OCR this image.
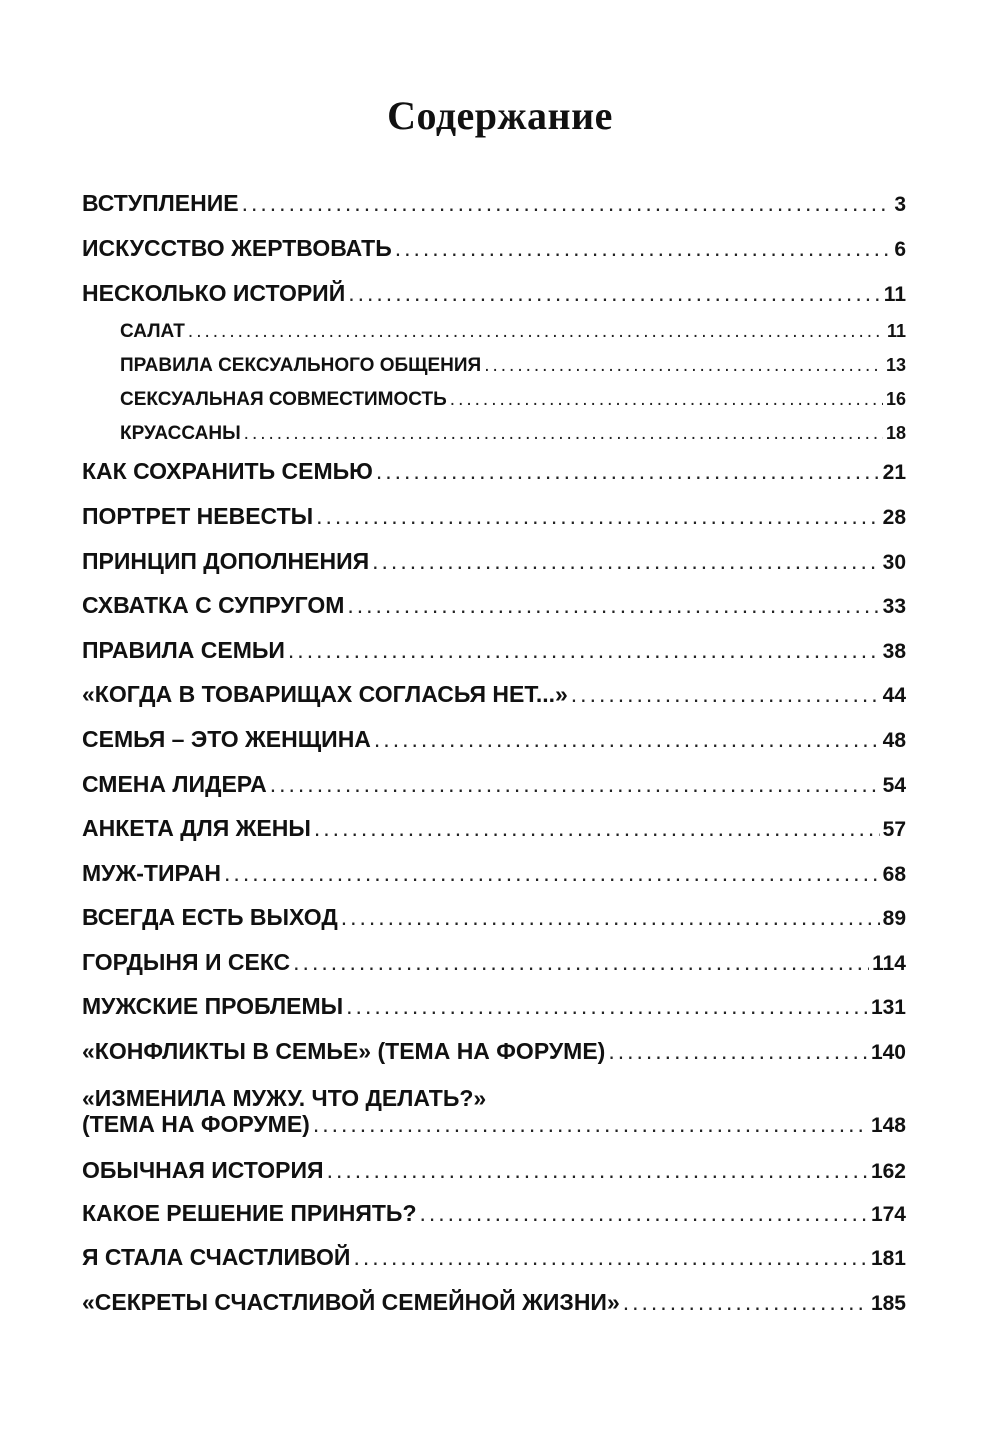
Содержание
ВСТУПЛЕНИЕ .....	3
ИСКУССТВО ЖЕРТВОВАТЬ .....	6
НЕСКОЛЬКО ИСТОРИЙ .....	11
САЛАТ .....	11
ПРАВИЛА СЕКСУАЛЬНОГО ОБЩЕНИЯ .....	13
СЕКСУАЛЬНАЯ СОВМЕСТИМОСТЬ .....	16
КРУАССАНЫ .....	18
КАК СОХРАНИТЬ СЕМЬЮ .....	21
ПОРТРЕТ НЕВЕСТЫ .....	28
ПРИНЦИП ДОПОЛНЕНИЯ .....	30
СХВАТКА С СУПРУГОМ .....	33
ПРАВИЛА СЕМЬИ .....	38
«КОГДА В ТОВАРИЩАХ СОГЛАСЬЯ НЕТ...» .....	44
СЕМЬЯ – ЭТО ЖЕНЩИНА .....	48
СМЕНА ЛИДЕРА .....	54
АНКЕТА ДЛЯ ЖЕНЫ .....	57
МУЖ-ТИРАН .....	68
ВСЕГДА ЕСТЬ ВЫХОД .....	89
ГОРДЫНЯ И СЕКС .....	114
МУЖСКИЕ ПРОБЛЕМЫ .....	131
«КОНФЛИКТЫ В СЕМЬЕ» (ТЕМА НА ФОРУМЕ) .....	140
«ИЗМЕНИЛА МУЖУ. ЧТО ДЕЛАТЬ?»
(ТЕМА НА ФОРУМЕ) .....	148
ОБЫЧНАЯ ИСТОРИЯ .....	162
КАКОЕ РЕШЕНИЕ ПРИНЯТЬ? .....	174
Я СТАЛА СЧАСТЛИВОЙ .....	181
«СЕКРЕТЫ СЧАСТЛИВОЙ СЕМЕЙНОЙ ЖИЗНИ» .....	185
